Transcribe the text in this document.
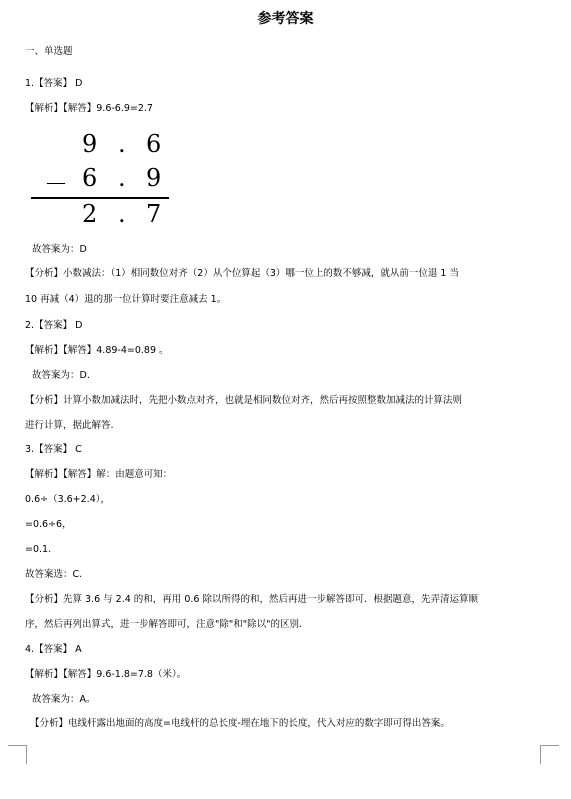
参考答案
一、单选题
1.【答案】 D
【解析】【解答】9.6-6.9=2.7
9 . 6
－ 6 . 9
2 . 7
故答案为：D
【分析】小数减法：（1）相同数位对齐（2）从个位算起（3）哪一位上的数不够减，就从前一位退 1 当
10 再减（4）退的那一位计算时要注意减去 1。
2.【答案】 D
【解析】【解答】4.89-4=0.89 。
故答案为：D.
【分析】计算小数加减法时，先把小数点对齐，也就是相同数位对齐，然后再按照整数加减法的计算法则
进行计算，据此解答.
3.【答案】 C
【解析】【解答】解：由题意可知：
0.6÷（3.6+2.4），
=0.6÷6，
=0.1.
故答案选：C.
【分析】先算 3.6 与 2.4 的和，再用 0.6 除以所得的和，然后再进一步解答即可．根据题意，先弄清运算顺
序，然后再列出算式，进一步解答即可，注意"除"和"除以"的区别．
4.【答案】 A
【解析】【解答】9.6-1.8=7.8（米）。
故答案为：A。
【分析】电线杆露出地面的高度=电线杆的总长度-埋在地下的长度，代入对应的数字即可得出答案。
